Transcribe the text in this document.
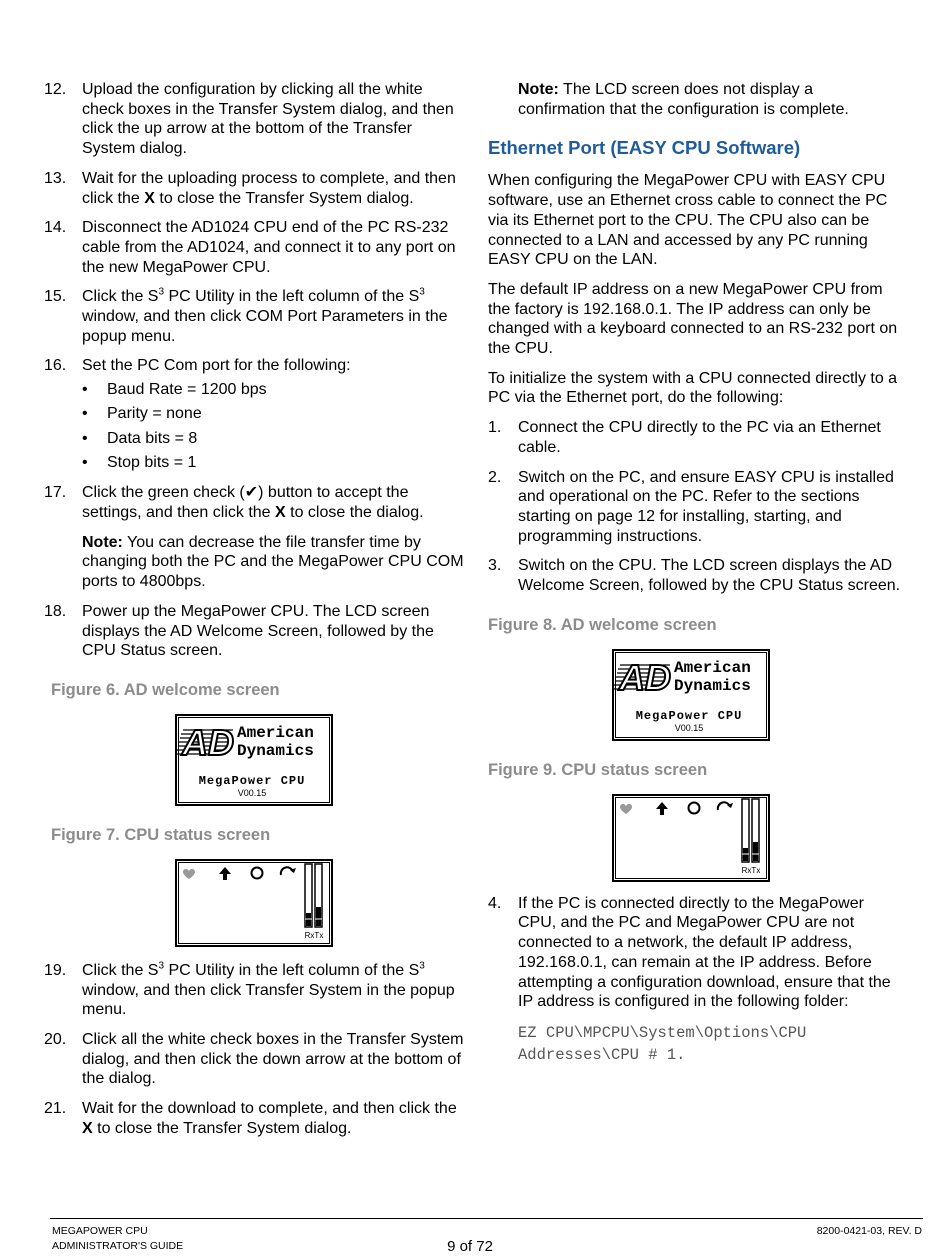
12. Upload the configuration by clicking all the white check boxes in the Transfer System dialog, and then click the up arrow at the bottom of the Transfer System dialog.
13. Wait for the uploading process to complete, and then click the X to close the Transfer System dialog.
14. Disconnect the AD1024 CPU end of the PC RS-232 cable from the AD1024, and connect it to any port on the new MegaPower CPU.
15. Click the $S^3$ PC Utility in the left column of the $S^3$ window, and then click COM Port Parameters in the popup menu.
16. Set the PC Com port for the following:
•	Baud Rate = 1200 bps
•	Parity = none
•	Data bits = 8
•	Stop bits = 1
17. Click the green check (✔) button to accept the settings, and then click the X to close the dialog.
Note: You can decrease the file transfer time by changing both the PC and the MegaPower CPU COM ports to 4800bps.
18. Power up the MegaPower CPU. The LCD screen displays the AD Welcome Screen, followed by the CPU Status screen.
Figure 6. AD welcome screen
AD American
Dynamics
MegaPower CPU
V00.15
Figure 7. CPU status screen
RxTx
19. Click the $S^3$ PC Utility in the left column of the $S^3$ window, and then click Transfer System in the popup menu.
20. Click all the white check boxes in the Transfer System dialog, and then click the down arrow at the bottom of the dialog.
21. Wait for the download to complete, and then click the X to close the Transfer System dialog.
Note: The LCD screen does not display a confirmation that the configuration is complete.
Ethernet Port (EASY CPU Software)
When configuring the MegaPower CPU with EASY CPU software, use an Ethernet cross cable to connect the PC via its Ethernet port to the CPU. The CPU also can be connected to a LAN and accessed by any PC running EASY CPU on the LAN.
The default IP address on a new MegaPower CPU from the factory is 192.168.0.1. The IP address can only be changed with a keyboard connected to an RS-232 port on the CPU.
To initialize the system with a CPU connected directly to a PC via the Ethernet port, do the following:
1.	Connect the CPU directly to the PC via an Ethernet cable.
2.	Switch on the PC, and ensure EASY CPU is installed and operational on the PC. Refer to the sections starting on page 12 for installing, starting, and programming instructions.
3.	Switch on the CPU. The LCD screen displays the AD Welcome Screen, followed by the CPU Status screen.
Figure 8. AD welcome screen
AD American
Dynamics
MegaPower CPU
V00.15
Figure 9. CPU status screen
RxTx
4.	If the PC is connected directly to the MegaPower CPU, and the PC and MegaPower CPU are not connected to a network, the default IP address, 192.168.0.1, can remain at the IP address. Before attempting a configuration download, ensure that the IP address is configured in the following folder:
EZ CPU\MPCPU\System\Options\CPU
Addresses\CPU # 1.
MEGAPOWER CPU
ADMINISTRATOR'S GUIDE	9 of 72
8200-0421-03, REV. D
